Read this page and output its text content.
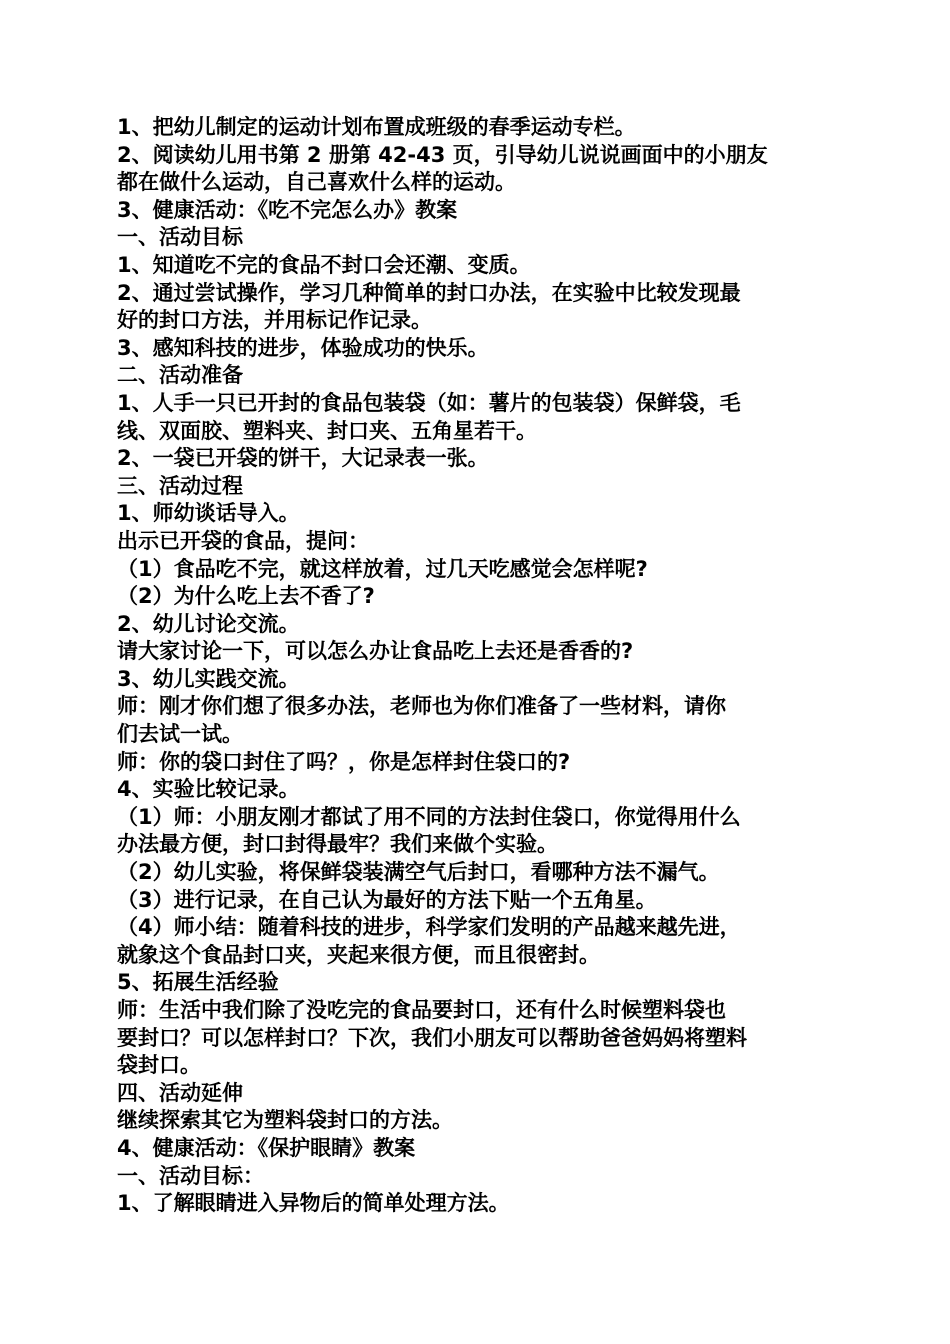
1、把幼儿制定的运动计划布置成班级的春季运动专栏。
2、阅读幼儿用书第 2 册第 42-43 页，引导幼儿说说画面中的小朋友
都在做什么运动，自己喜欢什么样的运动。
3、健康活动：《吃不完怎么办》教案
一、活动目标
1、知道吃不完的食品不封口会还潮、变质。
2、通过尝试操作，学习几种简单的封口办法，在实验中比较发现最
好的封口方法，并用标记作记录。
3、感知科技的进步，体验成功的快乐。
二、活动准备
1、人手一只已开封的食品包装袋（如：薯片的包装袋）保鲜袋，毛
线、双面胶、塑料夹、封口夹、五角星若干。
2、一袋已开袋的饼干，大记录表一张。
三、活动过程
1、师幼谈话导入。
出示已开袋的食品，提问：
（1）食品吃不完，就这样放着，过几天吃感觉会怎样呢?
（2）为什么吃上去不香了?
2、幼儿讨论交流。
请大家讨论一下，可以怎么办让食品吃上去还是香香的?
3、幼儿实践交流。
师：刚才你们想了很多办法，老师也为你们准备了一些材料，请你
们去试一试。
师：你的袋口封住了吗？，你是怎样封住袋口的?
4、实验比较记录。
（1）师：小朋友刚才都试了用不同的方法封住袋口，你觉得用什么
办法最方便，封口封得最牢？我们来做个实验。
（2）幼儿实验，将保鲜袋装满空气后封口，看哪种方法不漏气。
（3）进行记录，在自己认为最好的方法下贴一个五角星。
（4）师小结：随着科技的进步，科学家们发明的产品越来越先进，
就象这个食品封口夹，夹起来很方便，而且很密封。
5、拓展生活经验
师：生活中我们除了没吃完的食品要封口，还有什么时候塑料袋也
要封口？可以怎样封口？下次，我们小朋友可以帮助爸爸妈妈将塑料
袋封口。
四、活动延伸
继续探索其它为塑料袋封口的方法。
4、健康活动：《保护眼睛》教案
一、活动目标：
1、了解眼睛进入异物后的简单处理方法。
